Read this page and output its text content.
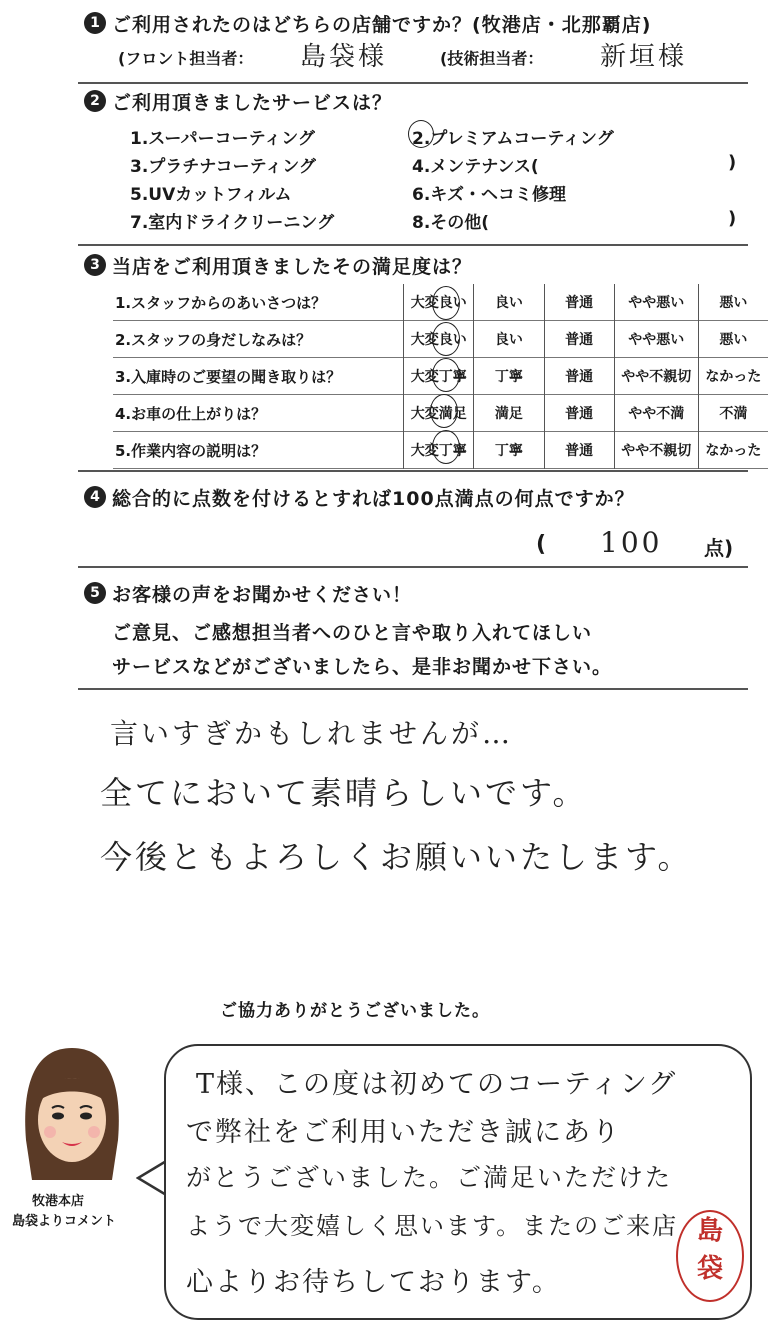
1 ご利用されたのはどちらの店舗ですか？(牧港店・北那覇店)
(フロント担当者： 島袋様	(技術担当者： 新垣様
2 ご利用頂きましたサービスは？
1.スーパーコーティング	2.プレミアムコーティング
3.プラチナコーティング	4.メンテナンス(	)
5.UVカットフィルム	6.キズ・ヘコミ修理
7.室内ドライクリーニング	8.その他(	)
3 当店をご利用頂きましたその満足度は？
1.スタッフからのあいさつは？	大変良い	良い	普通	やや悪い	悪い
2.スタッフの身だしなみは？	大変良い	良い	普通	やや悪い	悪い
3.入庫時のご要望の聞き取りは？	大変丁寧	丁寧	普通	やや不親切	なかった
4.お車の仕上がりは？	大変満足	満足	普通	やや不満	不満
5.作業内容の説明は？	大変丁寧	丁寧	普通	やや不親切	なかった
4 総合的に点数を付けるとすれば100点満点の何点ですか？
( 100 点)
5 お客様の声をお聞かせください！
ご意見、ご感想担当者へのひと言や取り入れてほしい
サービスなどがございましたら、是非お聞かせ下さい。
言いすぎかもしれませんが…
全てにおいて素晴らしいです。
今後ともよろしくお願いいたします。
ご協力ありがとうございました。
牧港本店
島袋よりコメント
T様、この度は初めてのコーティング
で弊社をご利用いただき誠にあり
がとうございました。ご満足いただけた
ようで大変嬉しく思います。またのご来店
心よりお待ちしております。
島
袋
